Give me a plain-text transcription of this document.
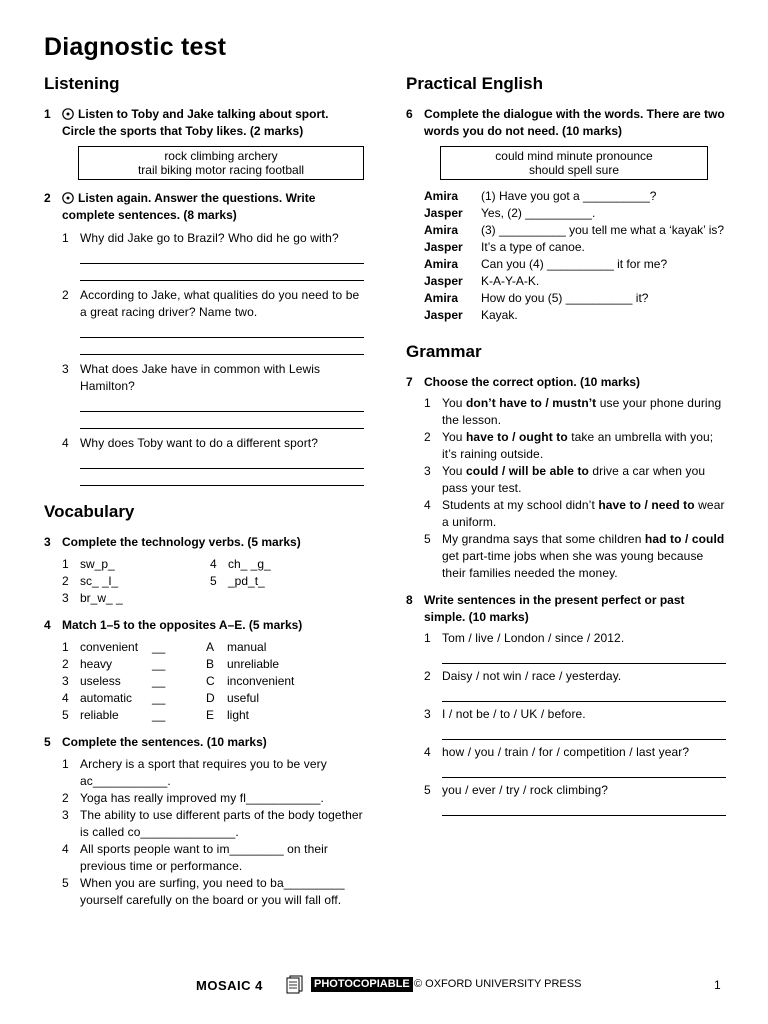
Diagnostic test
Listening
1	Listen to Toby and Jake talking about sport. Circle the sports that Toby likes. (2 marks)
rock climbing archery
trail biking motor racing football
2	Listen again. Answer the questions. Write complete sentences. (8 marks)
1 Why did Jake go to Brazil? Who did he go with?
2 According to Jake, what qualities do you need to be a great racing driver? Name two.
3 What does Jake have in common with Lewis Hamilton?
4 Why does Toby want to do a different sport?
Vocabulary
3 Complete the technology verbs. (5 marks)
1 sw_p_	4 ch_ _g_
2 sc_ _l_	5 _pd_t_
3 br_w_ _
4 Match 1–5 to the opposites A–E. (5 marks)
1 convenient	__	A	manual
2 heavy	__	B	unreliable
3 useless	__	C	inconvenient
4 automatic	__	D	useful
5 reliable	__	E	light
5 Complete the sentences. (10 marks)
1 Archery is a sport that requires you to be very ac___________.
2 Yoga has really improved my fl___________.
3 The ability to use different parts of the body together is called co______________.
4 All sports people want to im________ on their previous time or performance.
5 When you are surfing, you need to ba_________ yourself carefully on the board or you will fall off.
Practical English
6 Complete the dialogue with the words. There are two words you do not need. (10 marks)
could mind minute pronounce
should spell sure
Amira	(1) Have you got a __________?
Jasper	Yes, (2) __________.
Amira	(3) __________ you tell me what a ‘kayak’ is?
Jasper	It’s a type of canoe.
Amira	Can you (4) __________ it for me?
Jasper	K-A-Y-A-K.
Amira	How do you (5) __________ it?
Jasper	Kayak.
Grammar
7 Choose the correct option. (10 marks)
1 You don’t have to / mustn’t use your phone during the lesson.
2 You have to / ought to take an umbrella with you; it’s raining outside.
3 You could / will be able to drive a car when you pass your test.
4 Students at my school didn’t have to / need to wear a uniform.
5 My grandma says that some children had to / could get part-time jobs when she was young because their families needed the money.
8 Write sentences in the present perfect or past simple. (10 marks)
1 Tom / live / London / since / 2012.
2 Daisy / not win / race / yesterday.
3 I / not be / to / UK / before.
4 how / you / train / for / competition / last year?
5 you / ever / try / rock climbing?
MOSAIC 4	PHOTOCOPIABLE © OXFORD UNIVERSITY PRESS	1
